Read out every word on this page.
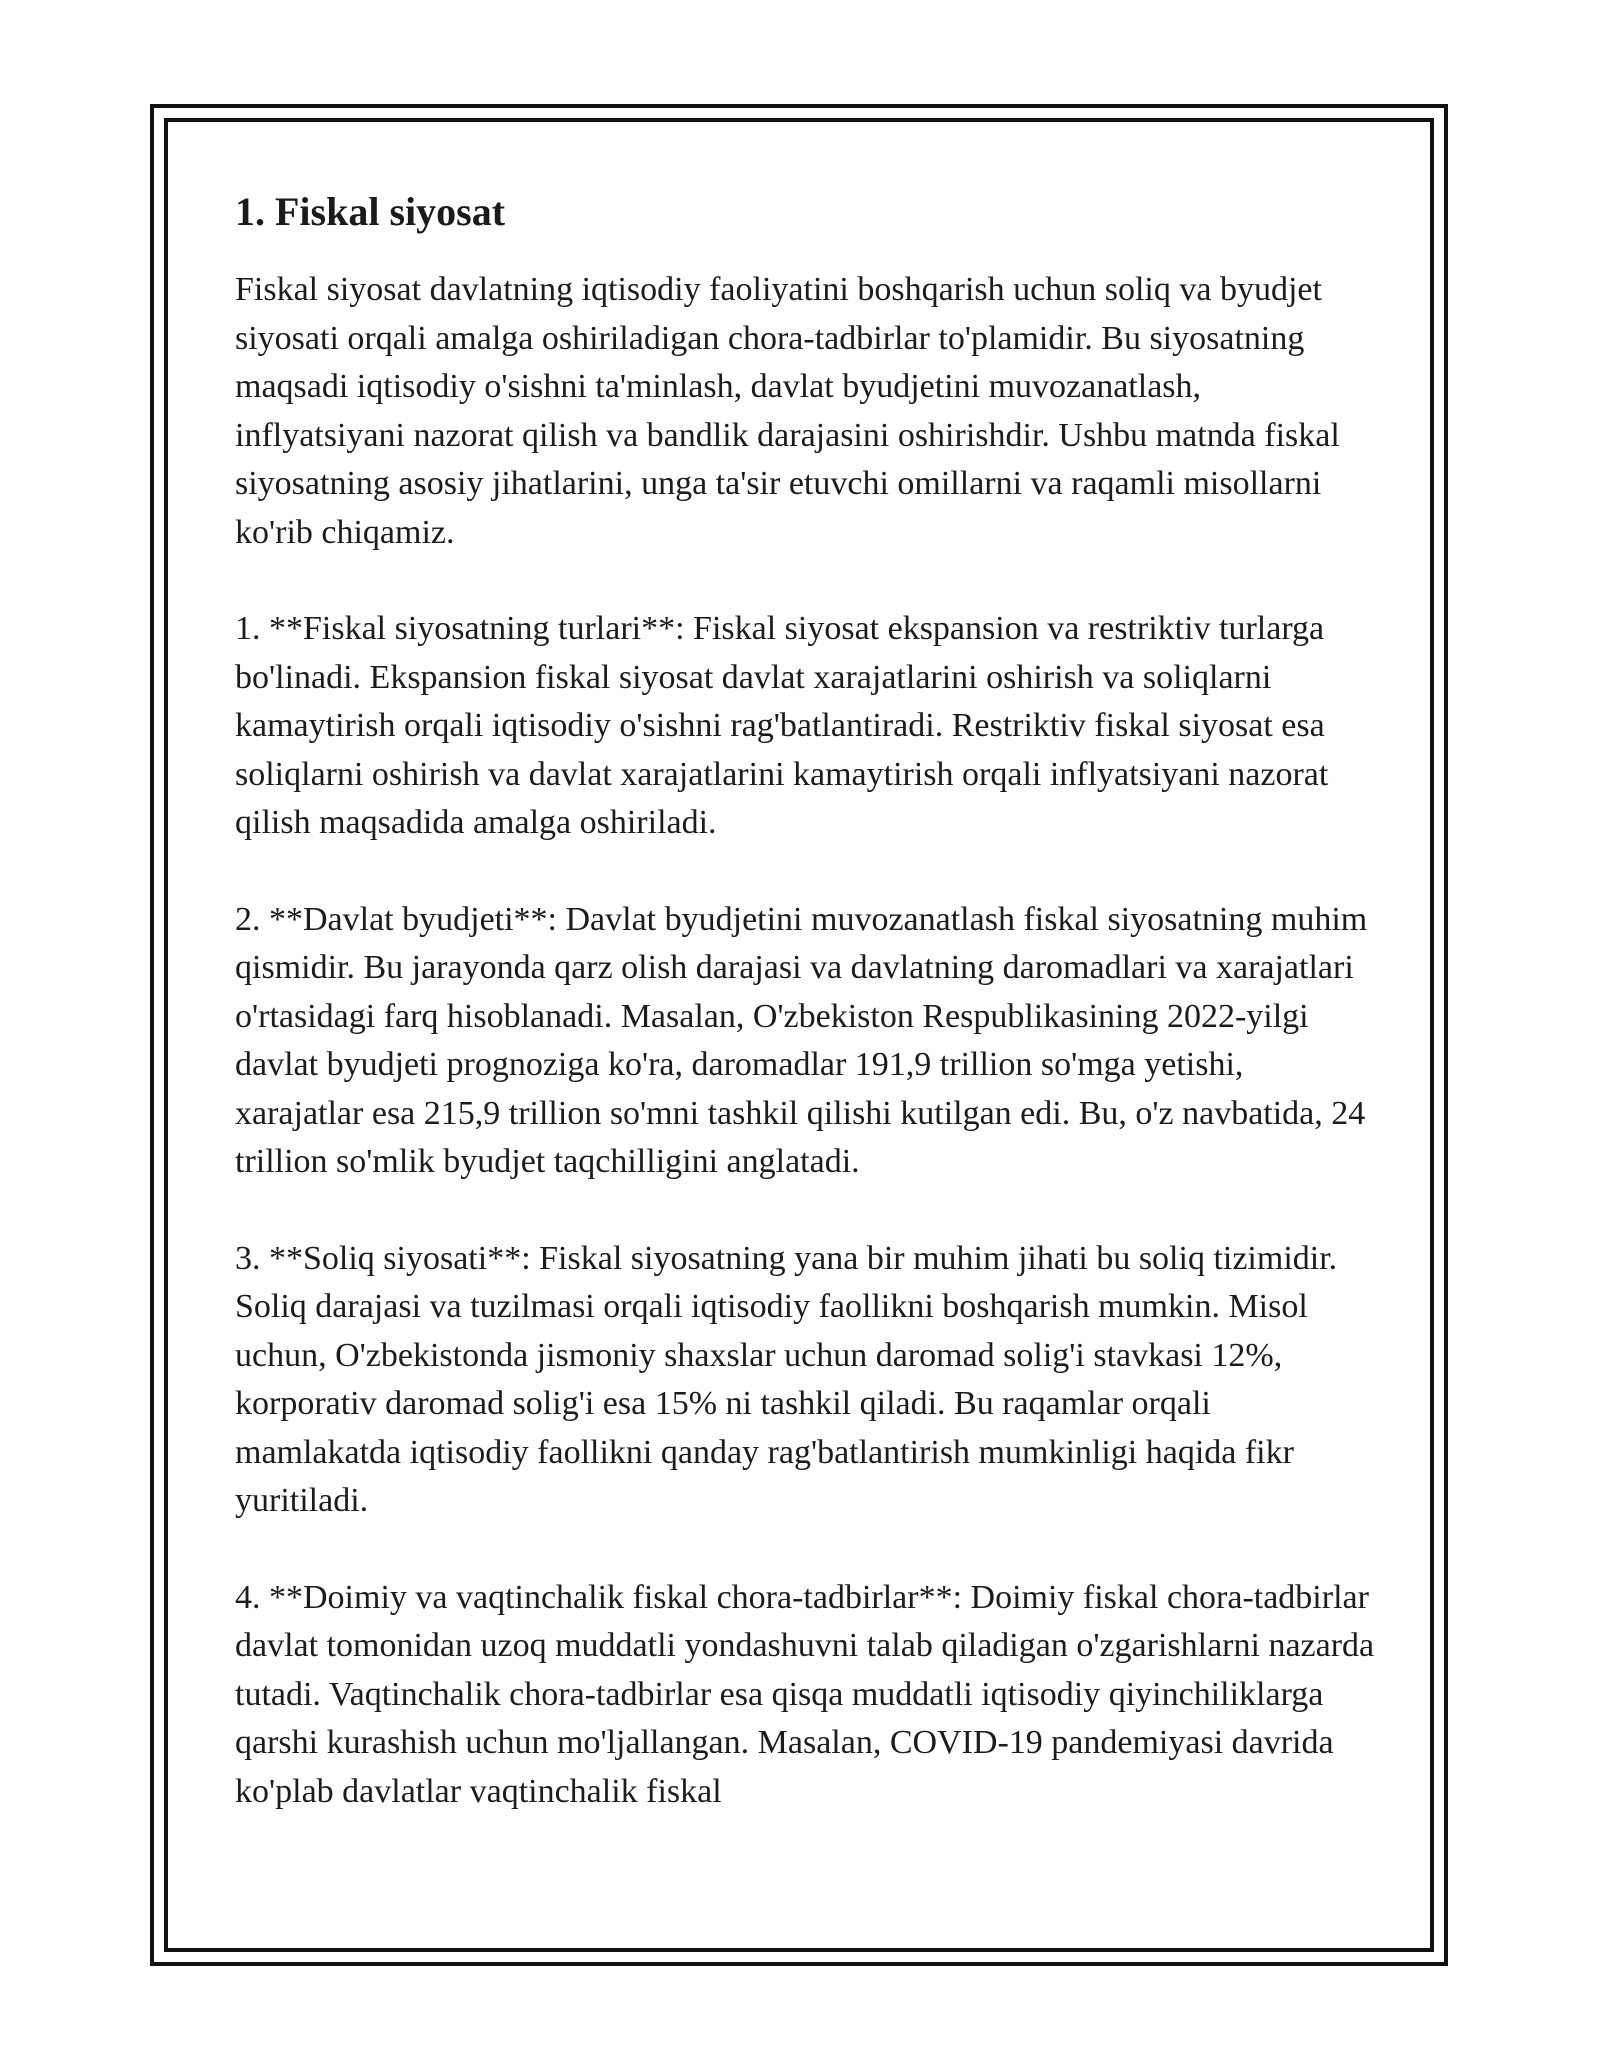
1. Fiskal siyosat

Fiskal siyosat davlatning iqtisodiy faoliyatini boshqarish uchun soliq va byudjet siyosati orqali amalga oshiriladigan chora-tadbirlar to'plamidir. Bu siyosatning maqsadi iqtisodiy o'sishni ta'minlash, davlat byudjetini muvozanatlash, inflyatsiyani nazorat qilish va bandlik darajasini oshirishdir. Ushbu matnda fiskal siyosatning asosiy jihatlarini, unga ta'sir etuvchi omillarni va raqamli misollarni ko'rib chiqamiz.

1. **Fiskal siyosatning turlari**: Fiskal siyosat ekspansion va restriktiv turlarga bo'linadi. Ekspansion fiskal siyosat davlat xarajatlarini oshirish va soliqlarni kamaytirish orqali iqtisodiy o'sishni rag'batlantiradi. Restriktiv fiskal siyosat esa soliqlarni oshirish va davlat xarajatlarini kamaytirish orqali inflyatsiyani nazorat qilish maqsadida amalga oshiriladi.

2. **Davlat byudjeti**: Davlat byudjetini muvozanatlash fiskal siyosatning muhim qismidir. Bu jarayonda qarz olish darajasi va davlatning daromadlari va xarajatlari o'rtasidagi farq hisoblanadi. Masalan, O'zbekiston Respublikasining 2022-yilgi davlat byudjeti prognoziga ko'ra, daromadlar 191,9 trillion so'mga yetishi, xarajatlar esa 215,9 trillion so'mni tashkil qilishi kutilgan edi. Bu, o'z navbatida, 24 trillion so'mlik byudjet taqchilligini anglatadi.

3. **Soliq siyosati**: Fiskal siyosatning yana bir muhim jihati bu soliq tizimidir. Soliq darajasi va tuzilmasi orqali iqtisodiy faollikni boshqarish mumkin. Misol uchun, O'zbekistonda jismoniy shaxslar uchun daromad solig'i stavkasi 12%, korporativ daromad solig'i esa 15% ni tashkil qiladi. Bu raqamlar orqali mamlakatda iqtisodiy faollikni qanday rag'batlantirish mumkinligi haqida fikr yuritiladi.

4. **Doimiy va vaqtinchalik fiskal chora-tadbirlar**: Doimiy fiskal chora-tadbirlar davlat tomonidan uzoq muddatli yondashuvni talab qiladigan o'zgarishlarni nazarda tutadi. Vaqtinchalik chora-tadbirlar esa qisqa muddatli iqtisodiy qiyinchiliklarga qarshi kurashish uchun mo'ljallangan. Masalan, COVID-19 pandemiyasi davrida ko'plab davlatlar vaqtinchalik fiskal
